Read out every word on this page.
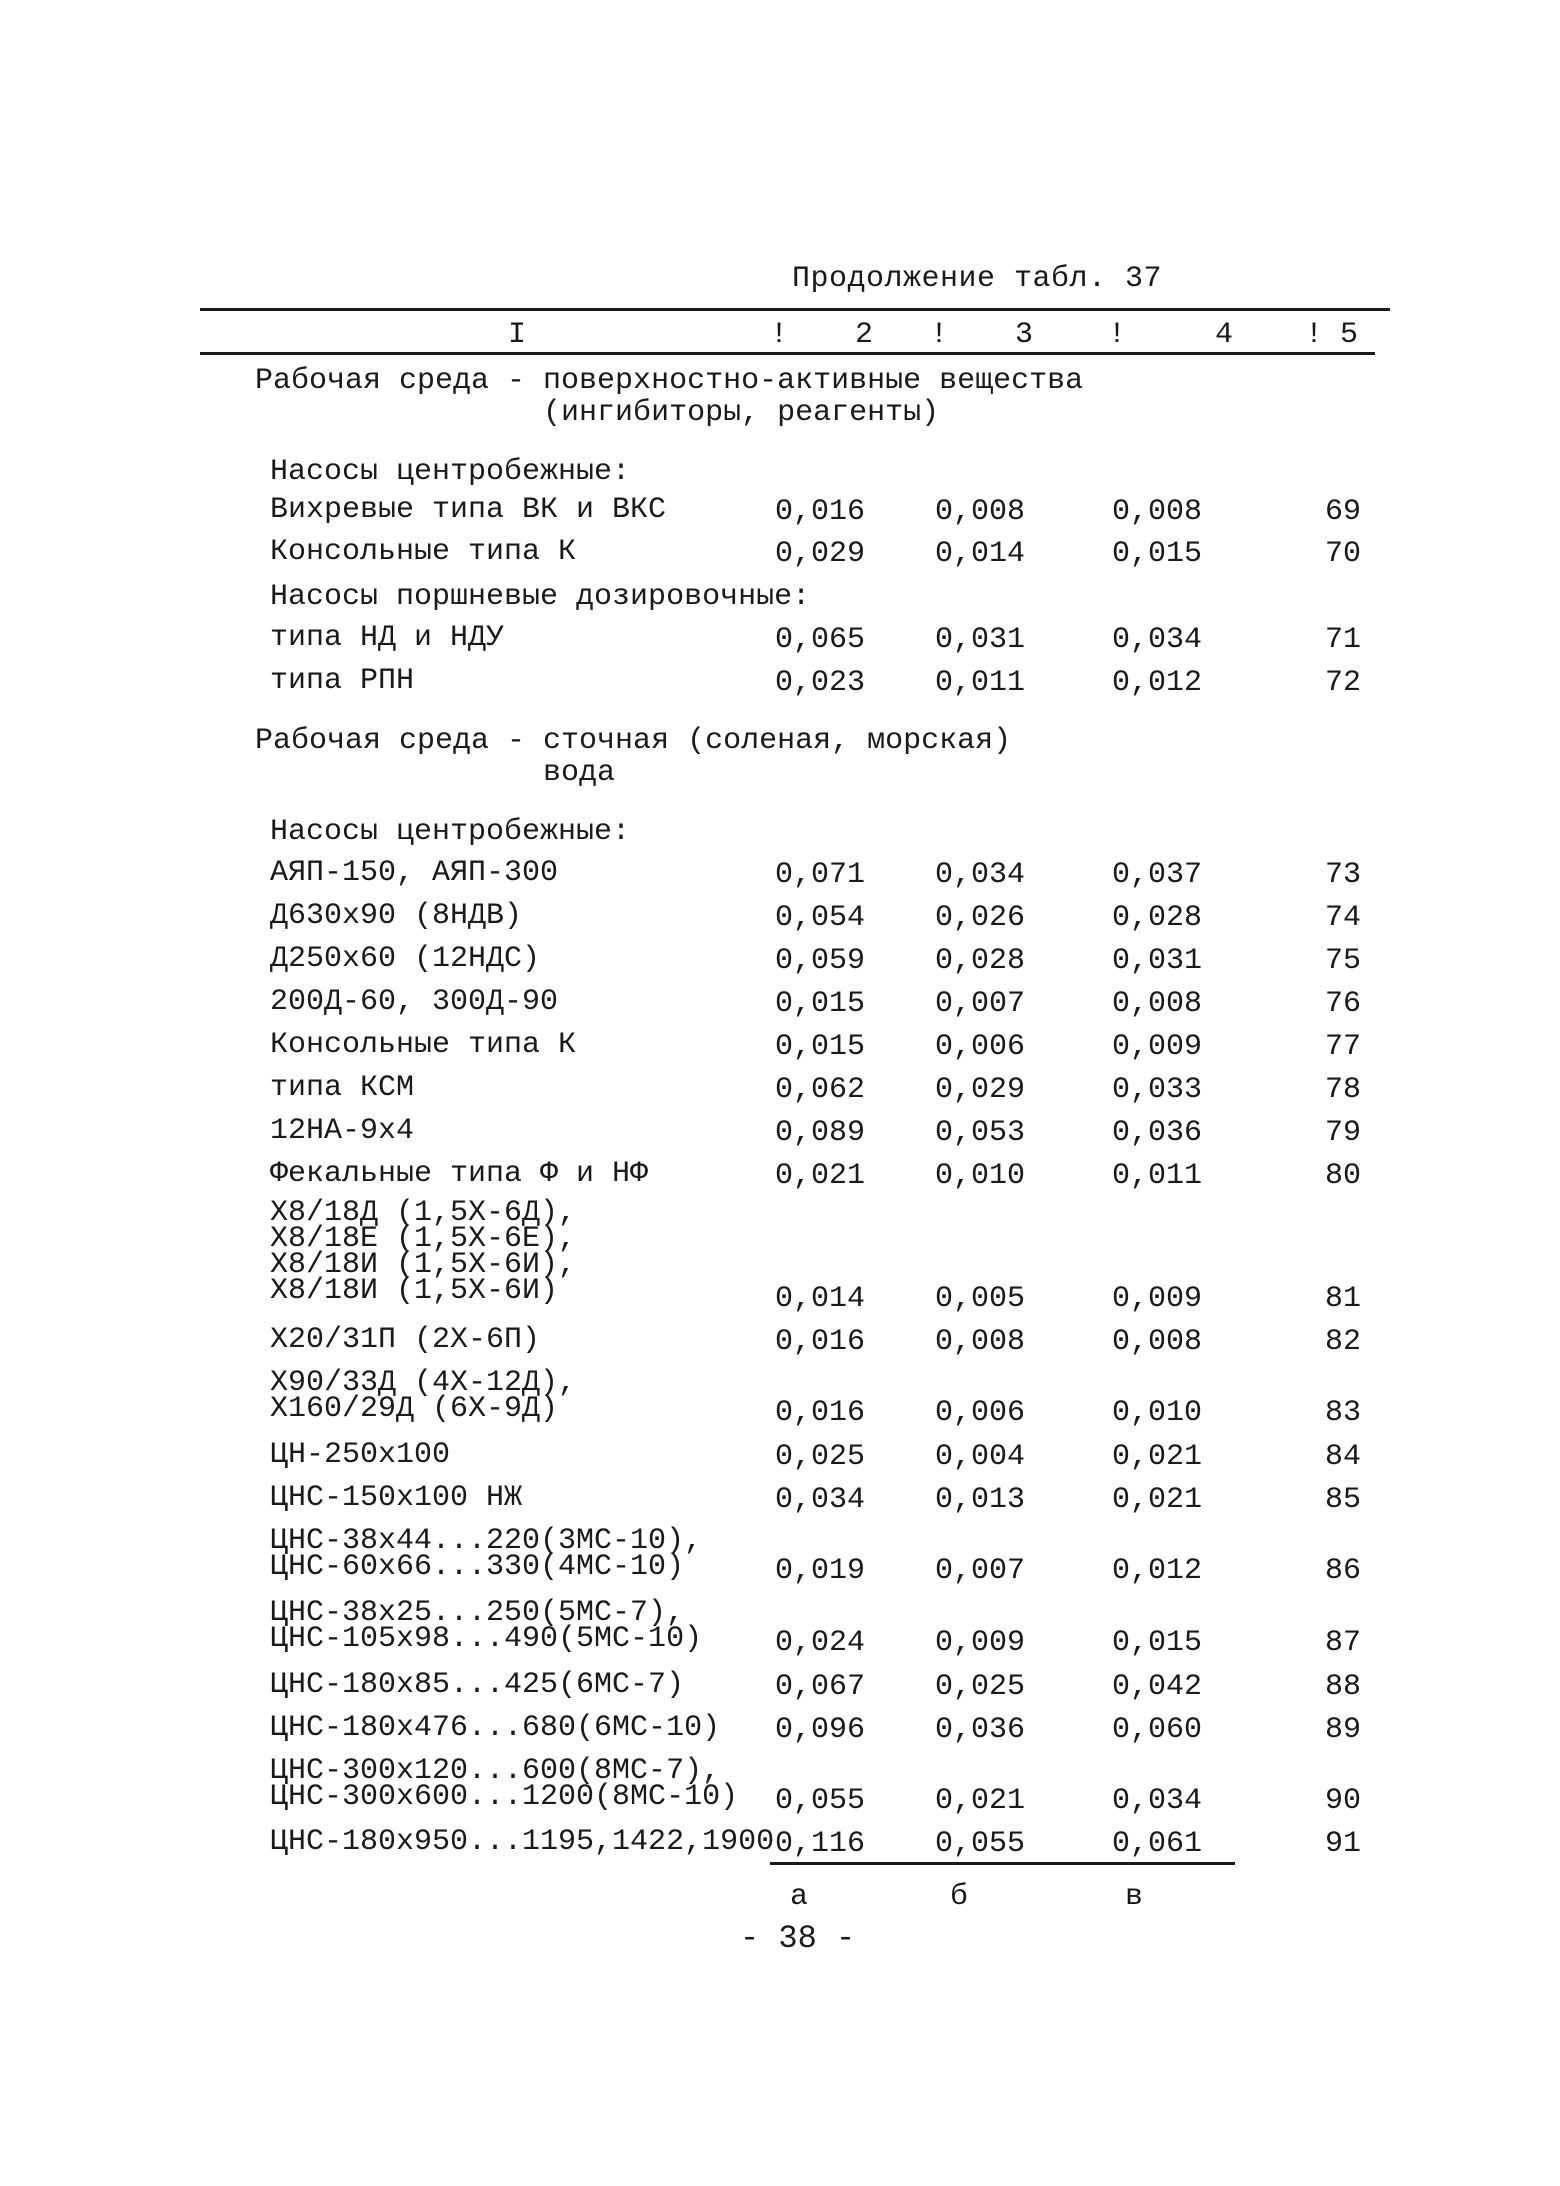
Продолжение табл. 37
I	! 2 ! 3 !	4 ! 5
Рабочая среда - поверхностно-активные вещества
(ингибиторы, реагенты)
Насосы центробежные:
Вихревые типа ВК и ВКС	0,016 0,008	0,008	69
Консольные типа К	0,029 0,014	0,015	70
Насосы поршневые дозировочные:
типа НД и НДУ	0,065 0,031	0,034	71
типа РПН	0,023 0,011	0,012	72
Рабочая среда - сточная (соленая, морская)
вода
Насосы центробежные:
АЯП-150, АЯП-300	0,071 0,034	0,037	73
Д630х90 (8НДВ)	0,054 0,026	0,028	74
Д250х60 (12НДС)	0,059 0,028	0,031	75
200Д-60, 300Д-90	0,015 0,007	0,008	76
Консольные типа К	0,015 0,006	0,009	77
типа КСМ	0,062 0,029	0,033	78
12НА-9х4	0,089 0,053	0,036	79
Фекальные типа Ф и НФ	0,021 0,010	0,011	80
Х8/18Д (1,5Х-6Д),
Х8/18Е (1,5Х-6Е),
Х8/18И (1,5Х-6И),
Х8/18И (1,5Х-6И)	0,014 0,005	0,009	81
Х20/31П (2Х-6П)	0,016 0,008	0,008	82
Х90/33Д (4Х-12Д),
Х160/29Д (6Х-9Д)	0,016 0,006	0,010	83
ЦН-250х100	0,025 0,004	0,021	84
ЦНС-150х100 НЖ	0,034 0,013	0,021	85
ЦНС-38х44...220(3МС-10),
ЦНС-60х66...330(4МС-10)	0,019 0,007	0,012	86
ЦНС-38х25...250(5МС-7),
ЦНС-105х98...490(5МС-10) 0,024 0,009	0,015	87
ЦНС-180х85...425(6МС-7)	0,067 0,025	0,042	88
ЦНС-180х476...680(6МС-10) 0,096 0,036	0,060	89
ЦНС-300х120...600(8МС-7),
ЦНС-300х600...1200(8МС-10) 0,055 0,021	0,034	90
ЦНС-180х950...1195,1422,1900 0,116 0,055	0,061	91
а	б	в
- 38 -
